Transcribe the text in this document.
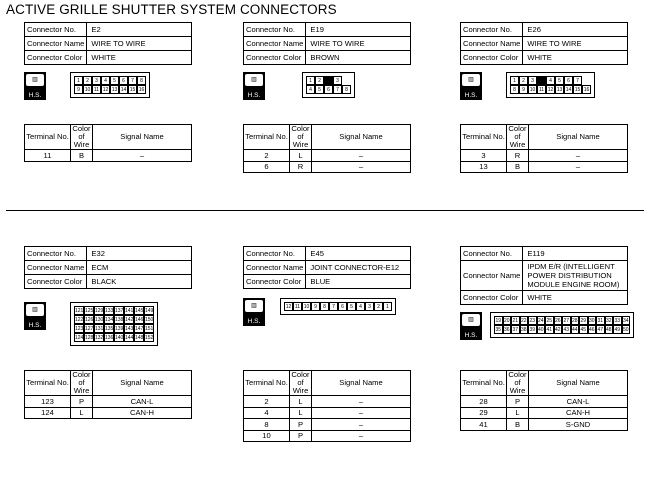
ACTIVE GRILLE SHUTTER SYSTEM CONNECTORS
Connector No.	E2
Connector Name	WIRE TO WIRE
Connector Color	WHITE
▥
H.S.
1	2	3	4	5	6	7	8
9 10 11 12 13 14 15 16
Terminal No.	Color of Wire	Signal Name
11	B	–
Connector No.	E19
Connector Name	WIRE TO WIRE
Connector Color	BROWN
▥
H.S.
1	2	3
4	5	6	7	8
Terminal No.	Color of Wire	Signal Name
2	L	–
6	R	–
Connector No.	E26
Connector Name	WIRE TO WIRE
Connector Color	WHITE
▥
H.S.
1	2	3	4	5	6	7
8	9 10 11 12 13 14 15 16
Terminal No.	Color of Wire	Signal Name
3	R	–
13	B	–
Connector No.	E32
Connector Name	ECM
Connector Color	BLACK
▥
H.S.
121 125 129 133 137 141 145 149
122 126 130 134 138 142 146 150
123 127 131 135 139 143 147 151
124 128 132 136 140 144 148 152
Terminal No.	Color of Wire	Signal Name
123	P	CAN-L
124	L	CAN-H
Connector No.	E45
Connector Name	JOINT CONNECTOR-E12
Connector Color	BLUE
▥
H.S.
12 11 10 9	8	7	6	5	4	3	2	1
Terminal No.	Color of Wire	Signal Name
2	L	–
4	L	–
8	P	–
10	P	–
Connector No.	E119
Connector Name	IPDM E/R (INTELLIGENT POWER DISTRIBUTION MODULE ENGINE ROOM)
Connector Color	WHITE
▥
H.S.
19 20 21 22 23 24 25 26 27 28 29 30 31 32 33 34
35 36 37 38 39 40 41 42 43 44 45 46 47 48 49 50
Terminal No.	Color of Wire	Signal Name
28	P	CAN-L
29	L	CAN-H
41	B	S-GND
